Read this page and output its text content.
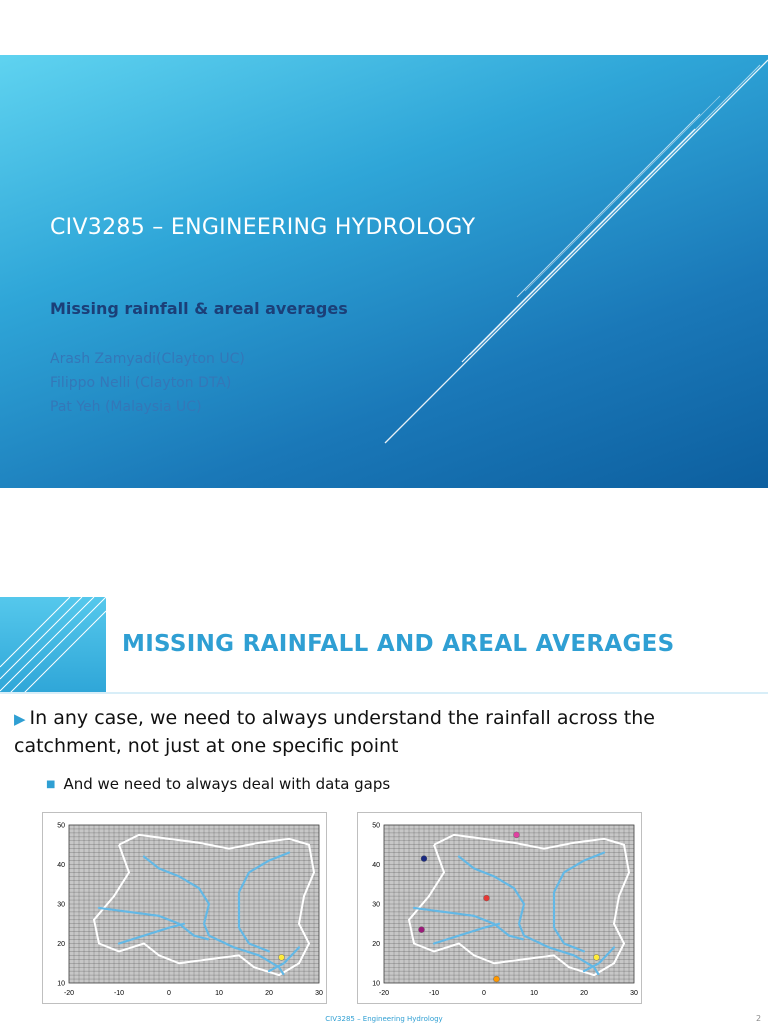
CIV3285 – ENGINEERING HYDROLOGY
Missing rainfall & areal averages
Arash Zamyadi(Clayton UC)
Filippo Nelli (Clayton DTA)
Pat Yeh (Malaysia UC)
MISSING RAINFALL AND AREAL AVERAGES
▶ In any case, we need to always understand the rainfall across the catchment, not just at one specific point
■ And we need to always deal with data gaps
-20	-10	0	10	20	30
10
20
30
40
50
-20	-10	0	10	20	30
10
20
30
40
50
CIV3285 – Engineering Hydrology	2
